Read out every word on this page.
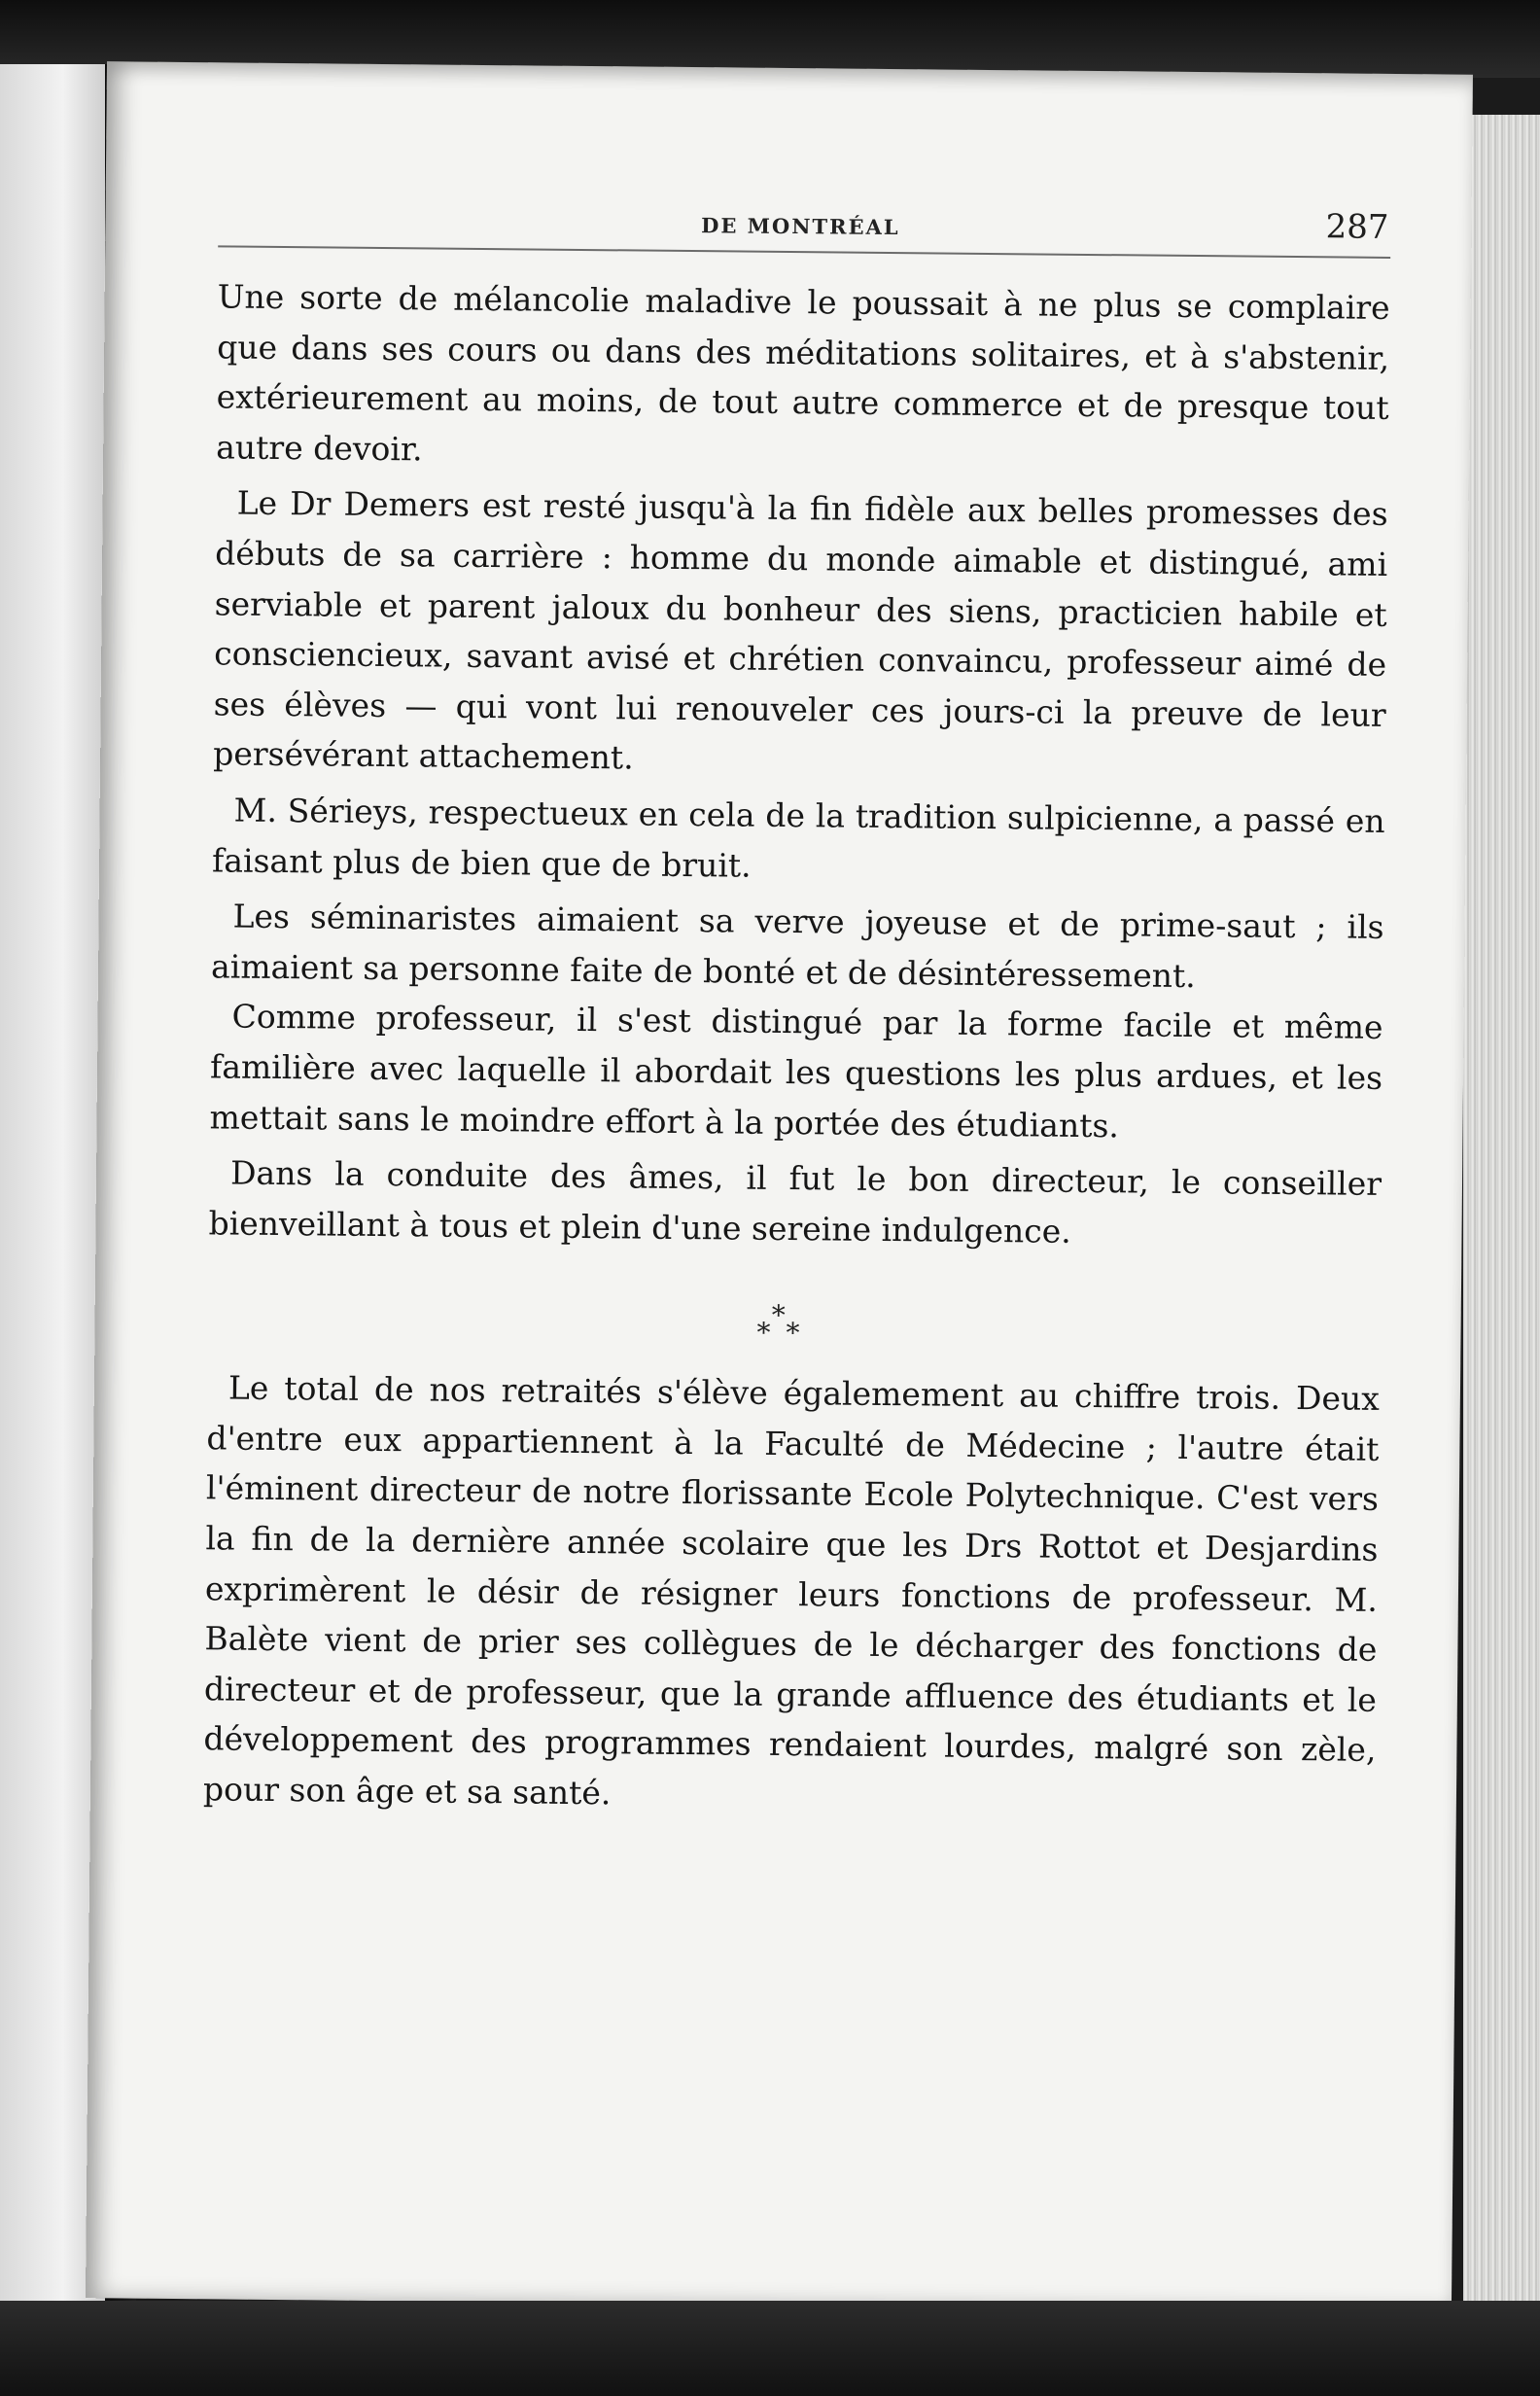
DE MONTRÉAL	287

Une sorte de mélancolie maladive le poussait à ne plus se complaire que dans ses cours ou dans des méditations solitaires, et à s'abstenir, extérieurement au moins, de tout autre commerce et de presque tout autre devoir.

Le Dr Demers est resté jusqu'à la fin fidèle aux belles promesses des débuts de sa carrière : homme du monde aimable et distingué, ami serviable et parent jaloux du bonheur des siens, practicien habile et consciencieux, savant avisé et chrétien convaincu, professeur aimé de ses élèves — qui vont lui renouveler ces jours-ci la preuve de leur persévérant attachement.

M. Sérieys, respectueux en cela de la tradition sulpicienne, a passé en faisant plus de bien que de bruit.

Les séminaristes aimaient sa verve joyeuse et de prime-saut ; ils aimaient sa personne faite de bonté et de désintéressement.

Comme professeur, il s'est distingué par la forme facile et même familière avec laquelle il abordait les questions les plus ardues, et les mettait sans le moindre effort à la portée des étudiants.

Dans la conduite des âmes, il fut le bon directeur, le conseiller bienveillant à tous et plein d'une sereine indulgence.

*
* *

Le total de nos retraités s'élève égalemement au chiffre trois. Deux d'entre eux appartiennent à la Faculté de Médecine ; l'autre était l'éminent directeur de notre florissante Ecole Polytechnique. C'est vers la fin de la dernière année scolaire que les Drs Rottot et Desjardins exprimèrent le désir de résigner leurs fonctions de professeur. M. Balète vient de prier ses collègues de le décharger des fonctions de directeur et de professeur, que la grande affluence des étudiants et le développement des programmes rendaient lourdes, malgré son zèle, pour son âge et sa santé.
